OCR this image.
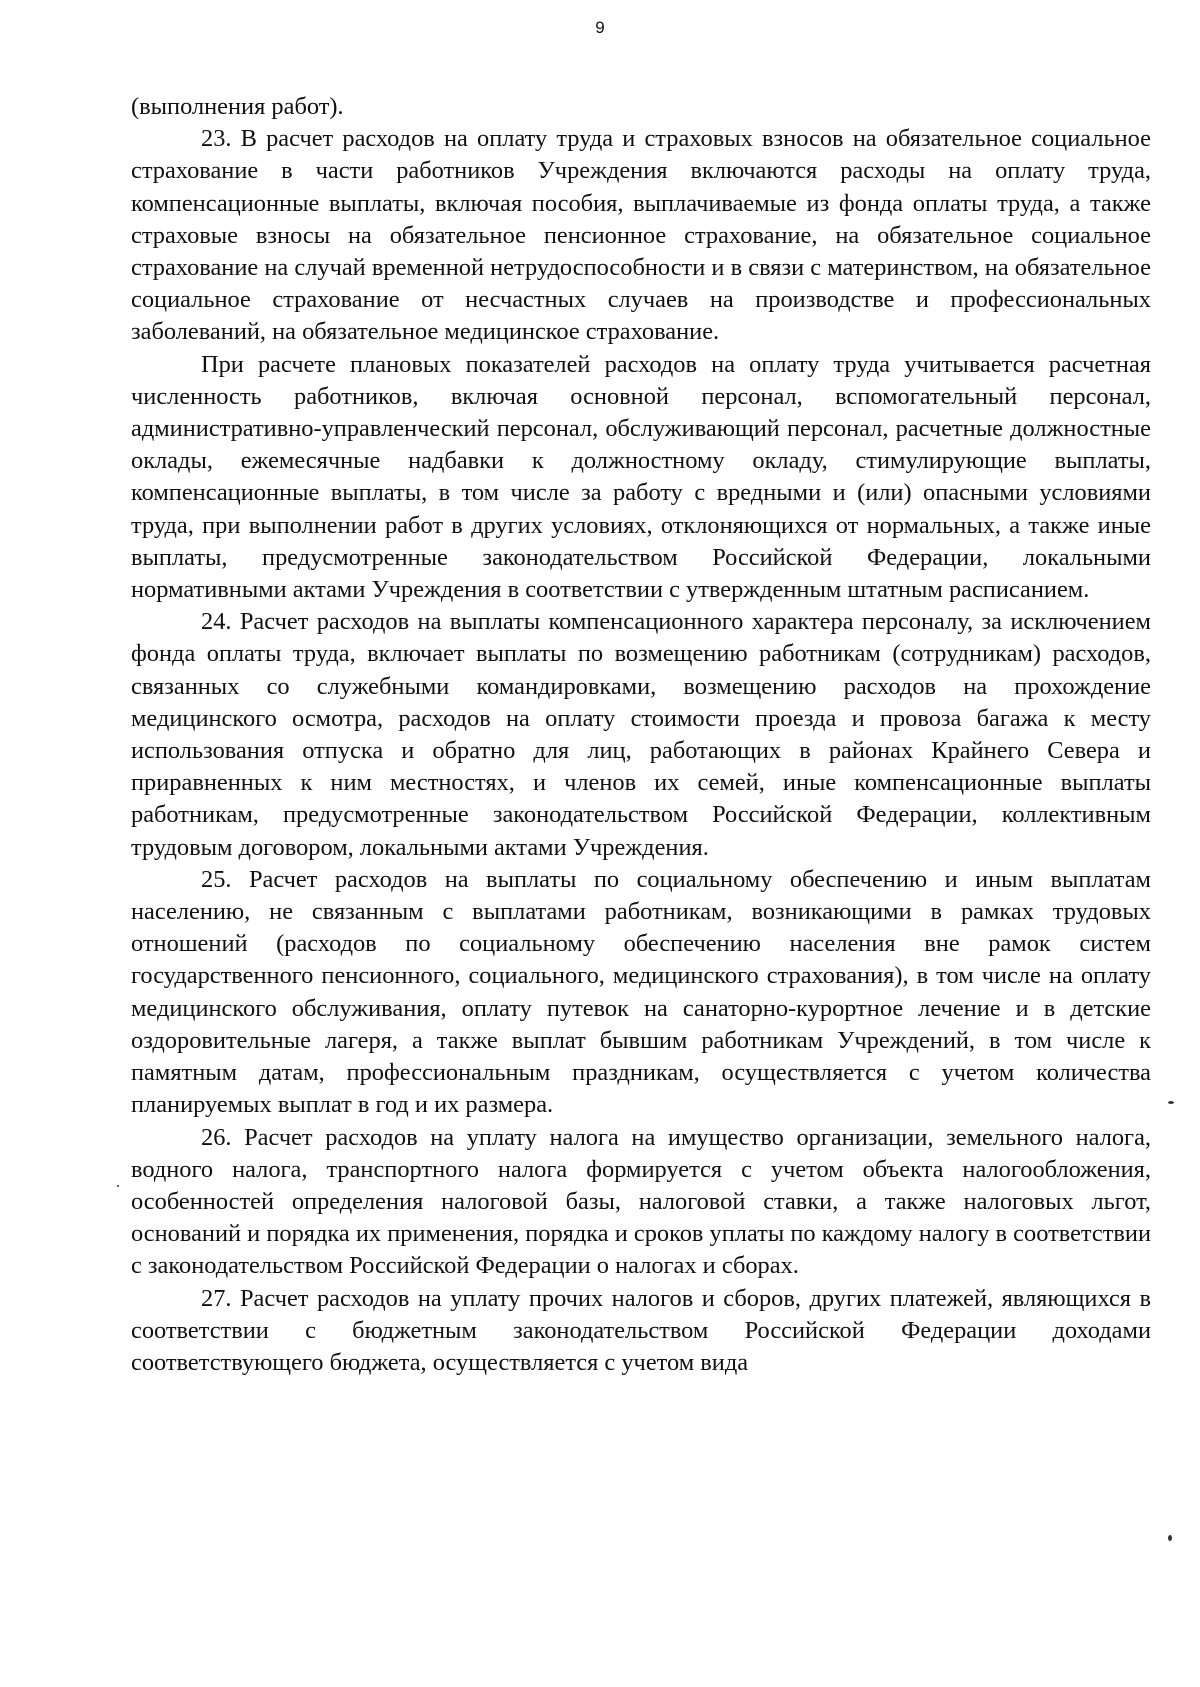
9

(выполнения работ).

23. В расчет расходов на оплату труда и страховых взносов на обязательное социальное страхование в части работников Учреждения включаются расходы на оплату труда, компенсационные выплаты, включая пособия, выплачиваемые из фонда оплаты труда, а также страховые взносы на обязательное пенсионное страхование, на обязательное социальное страхование на случай временной нетрудоспособности и в связи с материнством, на обязательное социальное страхование от несчастных случаев на производстве и профессиональных заболеваний, на обязательное медицинское страхование.

При расчете плановых показателей расходов на оплату труда учитывается расчетная численность работников, включая основной персонал, вспомогательный персонал, административно-управленческий персонал, обслуживающий персонал, расчетные должностные оклады, ежемесячные надбавки к должностному окладу, стимулирующие выплаты, компенсационные выплаты, в том числе за работу с вредными и (или) опасными условиями труда, при выполнении работ в других условиях, отклоняющихся от нормальных, а также иные выплаты, предусмотренные законодательством Российской Федерации, локальными нормативными актами Учреждения в соответствии с утвержденным штатным расписанием.

24. Расчет расходов на выплаты компенсационного характера персоналу, за исключением фонда оплаты труда, включает выплаты по возмещению работникам (сотрудникам) расходов, связанных со служебными командировками, возмещению расходов на прохождение медицинского осмотра, расходов на оплату стоимости проезда и провоза багажа к месту использования отпуска и обратно для лиц, работающих в районах Крайнего Севера и приравненных к ним местностях, и членов их семей, иные компенсационные выплаты работникам, предусмотренные законодательством Российской Федерации, коллективным трудовым договором, локальными актами Учреждения.

25. Расчет расходов на выплаты по социальному обеспечению и иным выплатам населению, не связанным с выплатами работникам, возникающими в рамках трудовых отношений (расходов по социальному обеспечению населения вне рамок систем государственного пенсионного, социального, медицинского страхования), в том числе на оплату медицинского обслуживания, оплату путевок на санаторно-курортное лечение и в детские оздоровительные лагеря, а также выплат бывшим работникам Учреждений, в том числе к памятным датам, профессиональным праздникам, осуществляется с учетом количества планируемых выплат в год и их размера.

26. Расчет расходов на уплату налога на имущество организации, земельного налога, водного налога, транспортного налога формируется с учетом объекта налогообложения, особенностей определения налоговой базы, налоговой ставки, а также налоговых льгот, оснований и порядка их применения, порядка и сроков уплаты по каждому налогу в соответствии с законодательством Российской Федерации о налогах и сборах.

27. Расчет расходов на уплату прочих налогов и сборов, других платежей, являющихся в соответствии с бюджетным законодательством Российской Федерации доходами соответствующего бюджета, осуществляется с учетом вида
